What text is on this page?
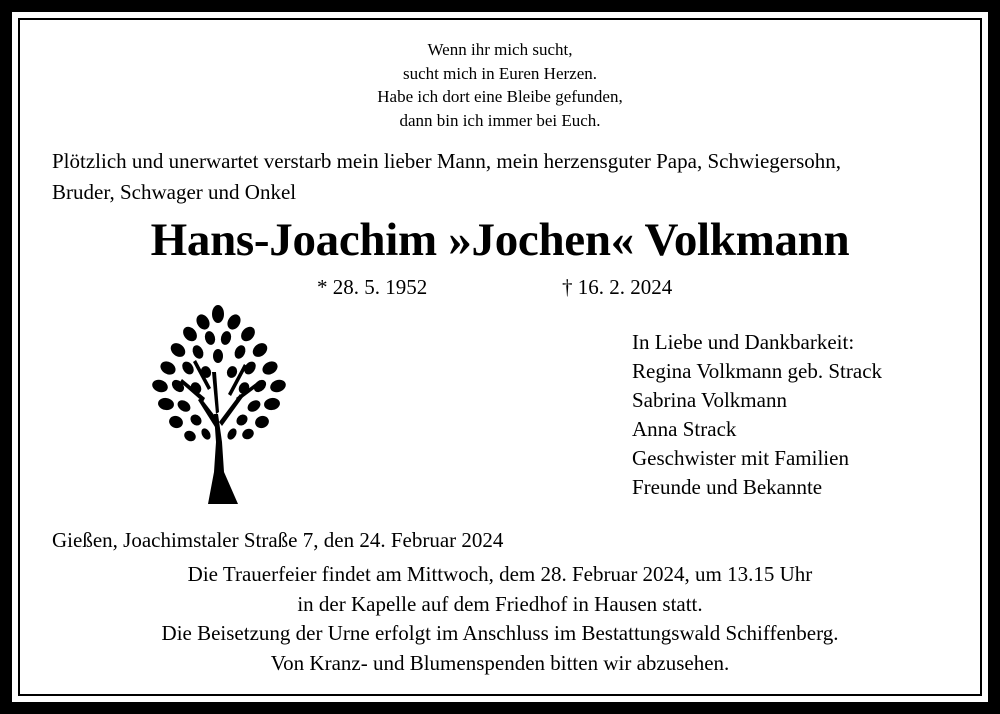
Wenn ihr mich sucht,
sucht mich in Euren Herzen.
Habe ich dort eine Bleibe gefunden,
dann bin ich immer bei Euch.
Plötzlich und unerwartet verstarb mein lieber Mann, mein herzensguter Papa, Schwiegersohn,
Bruder, Schwager und Onkel
Hans-Joachim »Jochen« Volkmann
* 28. 5. 1952	† 16. 2. 2024
In Liebe und Dankbarkeit:
Regina Volkmann geb. Strack
Sabrina Volkmann
Anna Strack
Geschwister mit Familien
Freunde und Bekannte
Gießen, Joachimstaler Straße 7, den 24. Februar 2024
Die Trauerfeier findet am Mittwoch, dem 28. Februar 2024, um 13.15 Uhr
in der Kapelle auf dem Friedhof in Hausen statt.
Die Beisetzung der Urne erfolgt im Anschluss im Bestattungswald Schiffenberg.
Von Kranz- und Blumenspenden bitten wir abzusehen.
